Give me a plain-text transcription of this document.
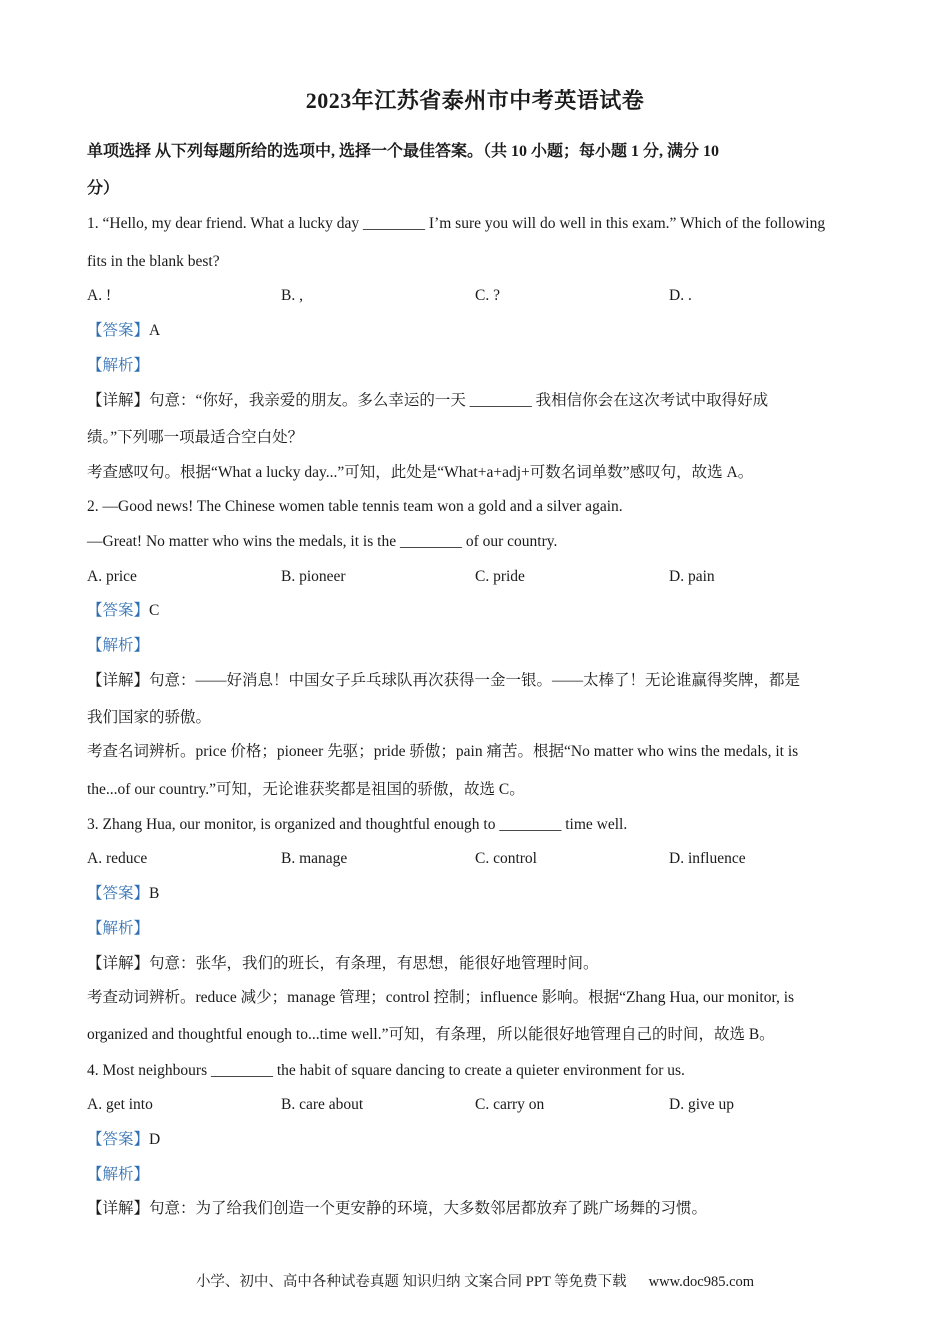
2023年江苏省泰州市中考英语试卷
单项选择 从下列每题所给的选项中, 选择一个最佳答案。（共 10 小题；每小题 1 分, 满分 10
分）
1. “Hello, my dear friend. What a lucky day ________ I’m sure you will do well in this exam.” Which of the following
fits in the blank best?
A. !	B. ,	C. ?	D. .
【答案】A
【解析】
【详解】句意：“你好，我亲爱的朋友。多么幸运的一天 ________ 我相信你会在这次考试中取得好成
绩。”下列哪一项最适合空白处？
考查感叹句。根据“What a lucky day...”可知，此处是“What+a+adj+可数名词单数”感叹句，故选 A。
2. —Good news! The Chinese women table tennis team won a gold and a silver again.
—Great! No matter who wins the medals, it is the ________ of our country.
A. price	B. pioneer	C. pride	D. pain
【答案】C
【解析】
【详解】句意：——好消息！中国女子乒乓球队再次获得一金一银。——太棒了！无论谁赢得奖牌，都是
我们国家的骄傲。
考查名词辨析。price 价格；pioneer 先驱；pride 骄傲；pain 痛苦。根据“No matter who wins the medals, it is
the...of our country.”可知，无论谁获奖都是祖国的骄傲，故选 C。
3. Zhang Hua, our monitor, is organized and thoughtful enough to ________ time well.
A. reduce	B. manage	C. control	D. influence
【答案】B
【解析】
【详解】句意：张华，我们的班长，有条理，有思想，能很好地管理时间。
考查动词辨析。reduce 减少；manage 管理；control 控制；influence 影响。根据“Zhang Hua, our monitor, is
organized and thoughtful enough to...time well.”可知，有条理，所以能很好地管理自己的时间，故选 B。
4. Most neighbours ________ the habit of square dancing to create a quieter environment for us.
A. get into	B. care about	C. carry on	D. give up
【答案】D
【解析】
【详解】句意：为了给我们创造一个更安静的环境，大多数邻居都放弃了跳广场舞的习惯。
小学、初中、高中各种试卷真题 知识归纳 文案合同 PPT 等免费下载 www.doc985.com
